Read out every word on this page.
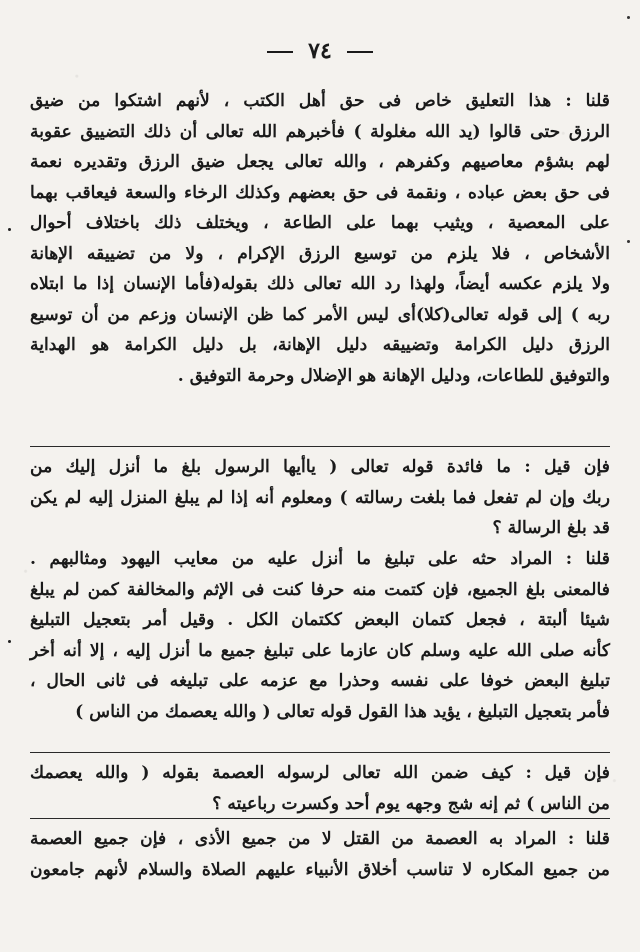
٧٤

قلنا : هذا التعليق خاص فى حق أهل الكتب ، لأنهم اشتكوا من ضيق

الرزق حتى قالوا (يد الله مغلولة ) فأخبرهم الله تعالى أن ذلك التضييق عقوبة

لهم بشؤم معاصيهم وكفرهم ، والله تعالى يجعل ضيق الرزق وتقديره نعمة

فى حق بعض عباده ، ونقمة فى حق بعضهم وكذلك الرخاء والسعة فيعاقب بهما

على المعصية ، ويثيب بهما على الطاعة ، ويختلف ذلك باختلاف أحوال

الأشخاص ، فلا يلزم من توسيع الرزق الإكرام ، ولا من تضييقه الإهانة

ولا يلزم عكسه أيضاً، ولهذا رد الله تعالى ذلك بقوله(فأما الإنسان إذا ما ابتلاه

ربه ) إلى قوله تعالى(كلا)أى ليس الأمر كما ظن الإنسان وزعم من أن توسيع

الرزق دليل الكرامة وتضييقه دليل الإهانة، بل دليل الكرامة هو الهداية

والتوفيق للطاعات، ودليل الإهانة هو الإضلال وحرمة التوفيق .

فإن قيل : ما فائدة قوله تعالى ( ياأيها الرسول بلغ ما أنزل إليك من

ربك وإن لم تفعل فما بلغت رسالته ) ومعلوم أنه إذا لم يبلغ المنزل إليه لم يكن

قد بلغ الرسالة ؟

قلنا : المراد حثه على تبليغ ما أنزل عليه من معايب اليهود ومثالبهم .

فالمعنى بلغ الجميع، فإن كتمت منه حرفا كنت فى الإثم والمخالفة كمن لم يبلغ

شيئا ألبتة ، فجعل كتمان البعض ككتمان الكل . وقيل أمر بتعجيل التبليغ

كأنه صلى الله عليه وسلم كان عازما على تبليغ جميع ما أنزل إليه ، إلا أنه أخر

تبليغ البعض خوفا على نفسه وحذرا مع عزمه على تبليغه فى ثانى الحال ،

فأمر بتعجيل التبليغ ، يؤيد هذا القول قوله تعالى ( والله يعصمك من الناس )

فإن قيل : كيف ضمن الله تعالى لرسوله العصمة بقوله ( والله يعصمك

من الناس ) ثم إنه شج وجهه يوم أحد وكسرت رباعيته ؟

قلنا : المراد به العصمة من القتل لا من جميع الأذى ، فإن جميع العصمة

من جميع المكاره لا تناسب أخلاق الأنبياء عليهم الصلاة والسلام لأنهم جامعون
